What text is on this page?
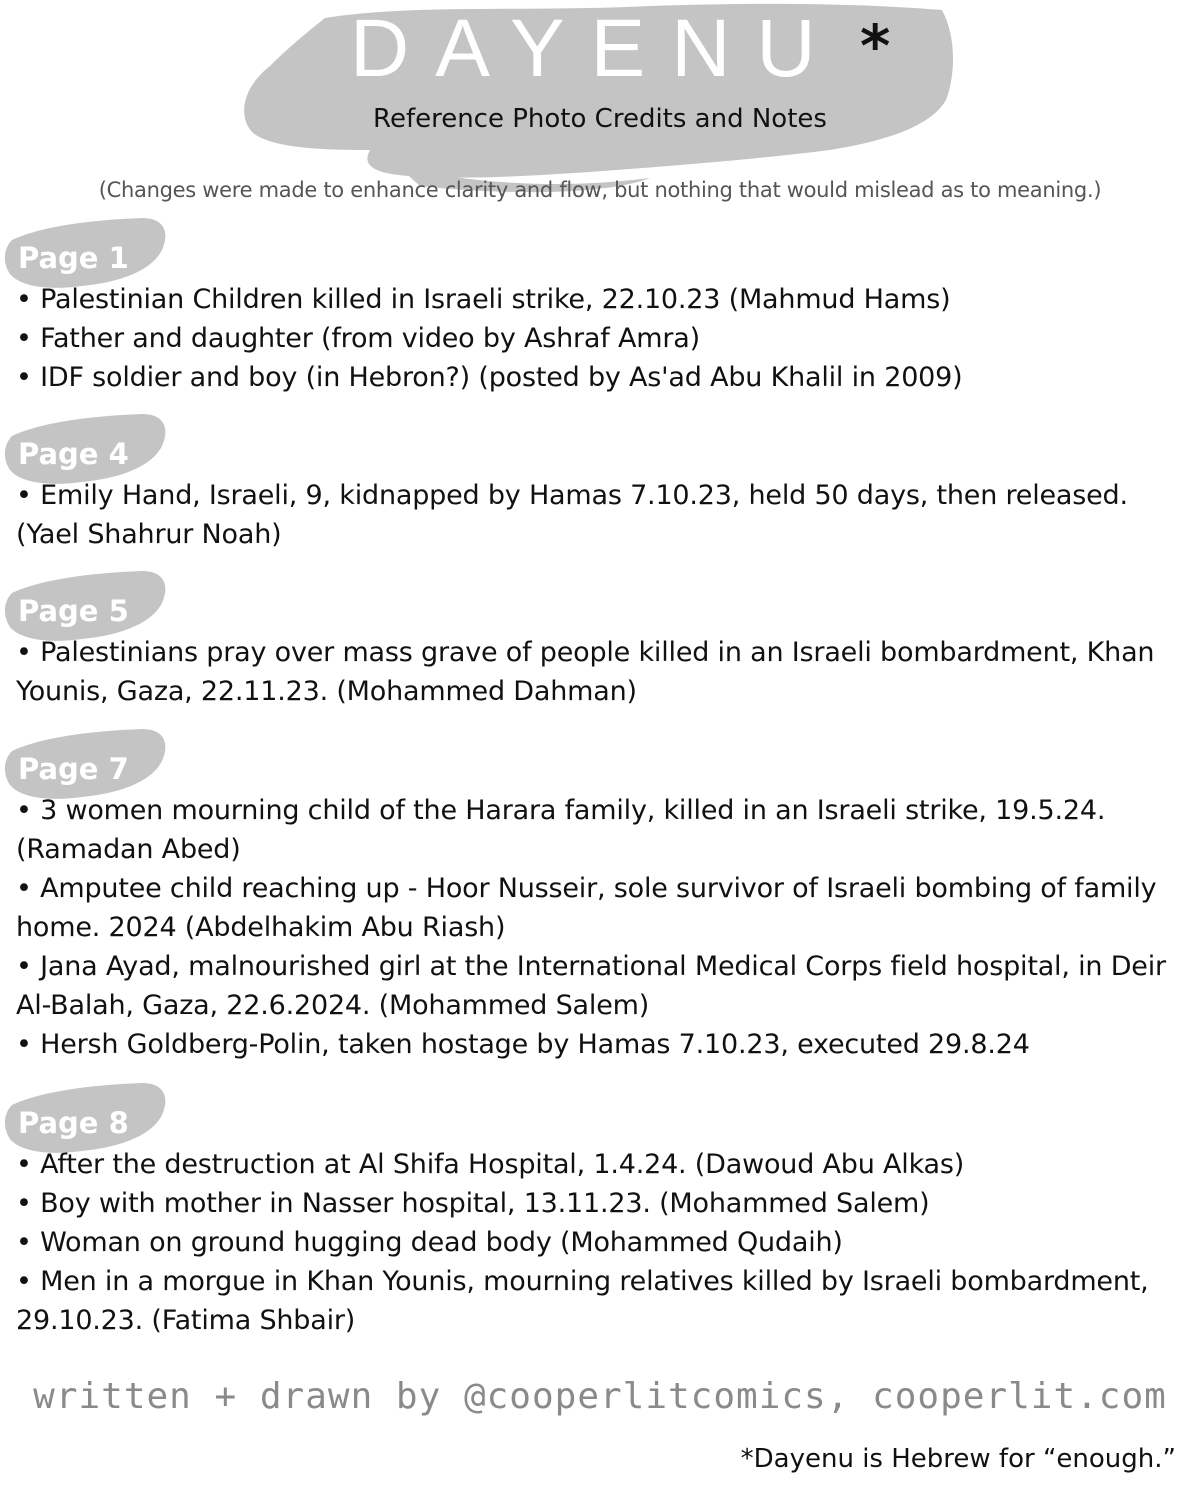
DAYENU *
Reference Photo Credits and Notes
(Changes were made to enhance clarity and flow, but nothing that would mislead as to meaning.)
Page 1

• Palestinian Children killed in Israeli strike, 22.10.23 (Mahmud Hams)

• Father and daughter (from video by Ashraf Amra)

• IDF soldier and boy (in Hebron?) (posted by As'ad Abu Khalil in 2009)

Page 4

• Emily Hand, Israeli, 9, kidnapped by Hamas 7.10.23, held 50 days, then released. (Yael Shahrur Noah)

Page 5

• Palestinians pray over mass grave of people killed in an Israeli bombardment, Khan Younis, Gaza, 22.11.23. (Mohammed Dahman)

Page 7

• 3 women mourning child of the Harara family, killed in an Israeli strike, 19.5.24. (Ramadan Abed)

• Amputee child reaching up - Hoor Nusseir, sole survivor of Israeli bombing of family home. 2024 (Abdelhakim Abu Riash)

• Jana Ayad, malnourished girl at the International Medical Corps field hospital, in Deir Al-Balah, Gaza, 22.6.2024. (Mohammed Salem)

• Hersh Goldberg-Polin, taken hostage by Hamas 7.10.23, executed 29.8.24

Page 8

• After the destruction at Al Shifa Hospital, 1.4.24. (Dawoud Abu Alkas)

• Boy with mother in Nasser hospital, 13.11.23. (Mohammed Salem)

• Woman on ground hugging dead body (Mohammed Qudaih)

• Men in a morgue in Khan Younis, mourning relatives killed by Israeli bombardment, 29.10.23. (Fatima Shbair)

written + drawn by @cooperlitcomics, cooperlit.com
*Dayenu is Hebrew for “enough.”
